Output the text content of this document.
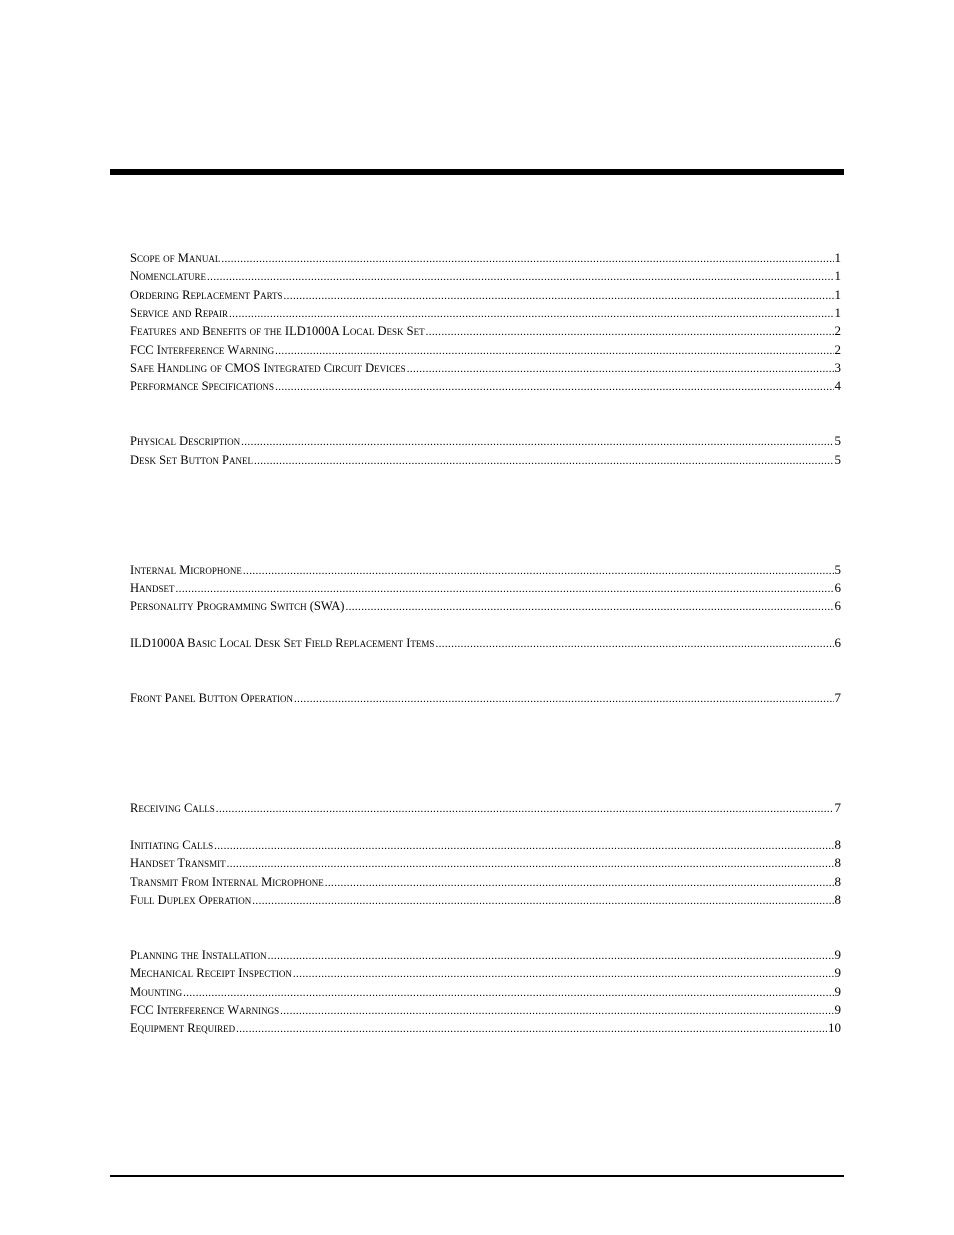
Scope of Manual .....	1
Nomenclature .....	1
Ordering Replacement Parts .....	1
Service and Repair .....	1
Features and Benefits of the ILD1000A Local Desk Set .....	2
FCC Interference Warning .....	2
Safe Handling of CMOS Integrated Circuit Devices .....	3
Performance Specifications .....	4
Physical Description .....	5
Desk Set Button Panel .....	5
Internal Microphone .....	5
Handset .....	6
Personality Programming Switch (SWA) .....	6
ILD1000A Basic Local Desk Set Field Replacement Items .....	6
Front Panel Button Operation .....	7
Receiving Calls .....	7
Initiating Calls .....	8
Handset Transmit .....	8
Transmit From Internal Microphone .....	8
Full Duplex Operation .....	8
Planning the Installation .....	9
Mechanical Receipt Inspection .....	9
Mounting .....	9
FCC Interference Warnings .....	9
Equipment Required .....	10
